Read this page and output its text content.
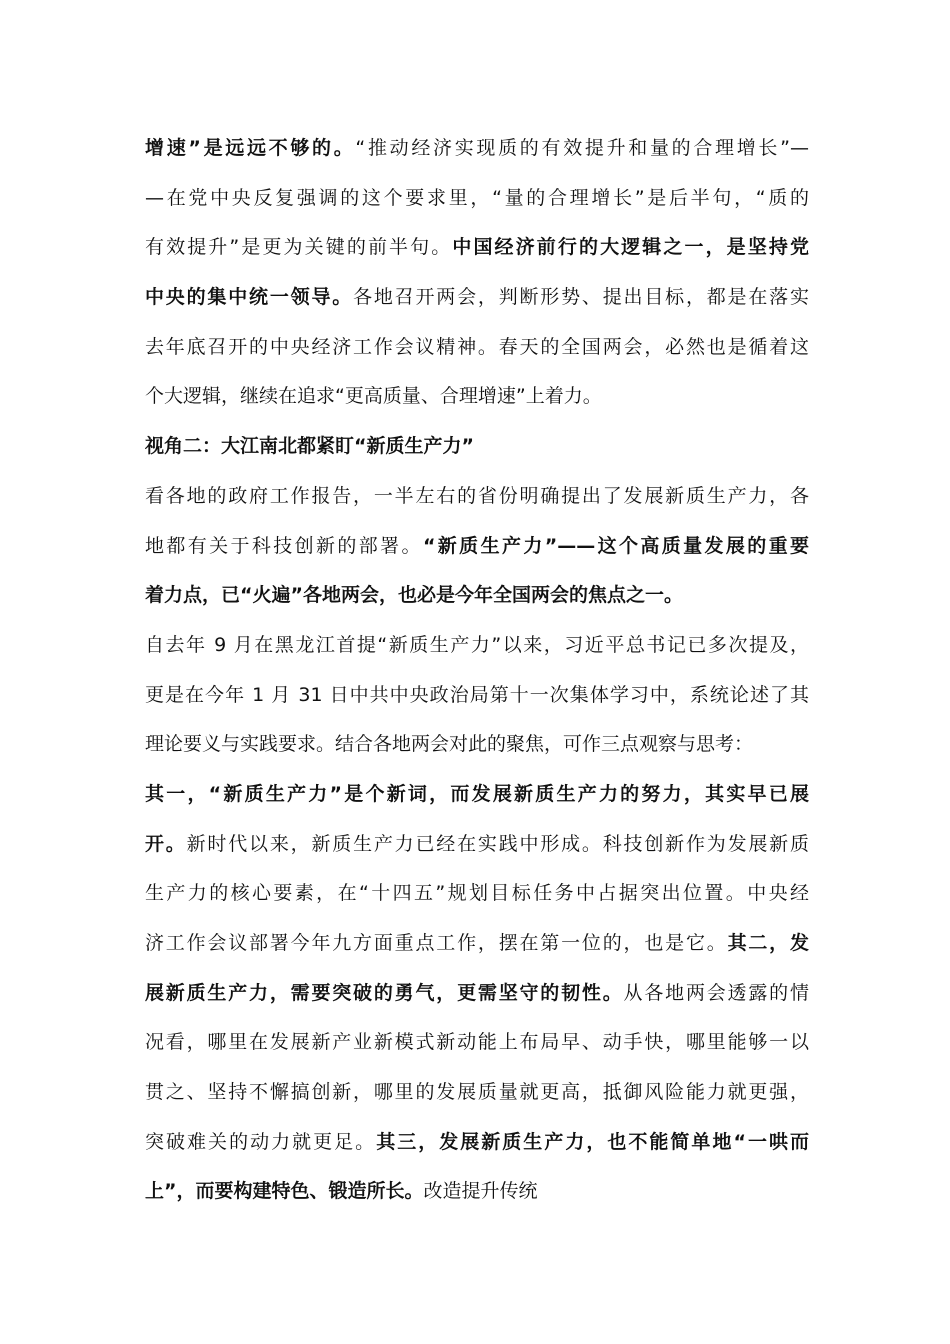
增速”是远远不够的。“推动经济实现质的有效提升和量的合理增长”—
—在党中央反复强调的这个要求里，“量的合理增长”是后半句，“质的
有效提升”是更为关键的前半句。中国经济前行的大逻辑之一，是坚持党
中央的集中统一领导。各地召开两会，判断形势、提出目标，都是在落实
去年底召开的中央经济工作会议精神。春天的全国两会，必然也是循着这
个大逻辑，继续在追求“更高质量、合理增速”上着力。
视角二：大江南北都紧盯“新质生产力”
看各地的政府工作报告，一半左右的省份明确提出了发展新质生产力，各
地都有关于科技创新的部署。“新质生产力”——这个高质量发展的重要
着力点，已“火遍”各地两会，也必是今年全国两会的焦点之一。
自去年 9 月在黑龙江首提“新质生产力”以来，习近平总书记已多次提及，
更是在今年 1 月 31 日中共中央政治局第十一次集体学习中，系统论述了其
理论要义与实践要求。结合各地两会对此的聚焦，可作三点观察与思考：
其一，“新质生产力”是个新词，而发展新质生产力的努力，其实早已展
开。新时代以来，新质生产力已经在实践中形成。科技创新作为发展新质
生产力的核心要素，在“十四五”规划目标任务中占据突出位置。中央经
济工作会议部署今年九方面重点工作，摆在第一位的，也是它。其二，发
展新质生产力，需要突破的勇气，更需坚守的韧性。从各地两会透露的情
况看，哪里在发展新产业新模式新动能上布局早、动手快，哪里能够一以
贯之、坚持不懈搞创新，哪里的发展质量就更高，抵御风险能力就更强，
突破难关的动力就更足。其三，发展新质生产力，也不能简单地“一哄而
上”，而要构建特色、锻造所长。改造提升传统
